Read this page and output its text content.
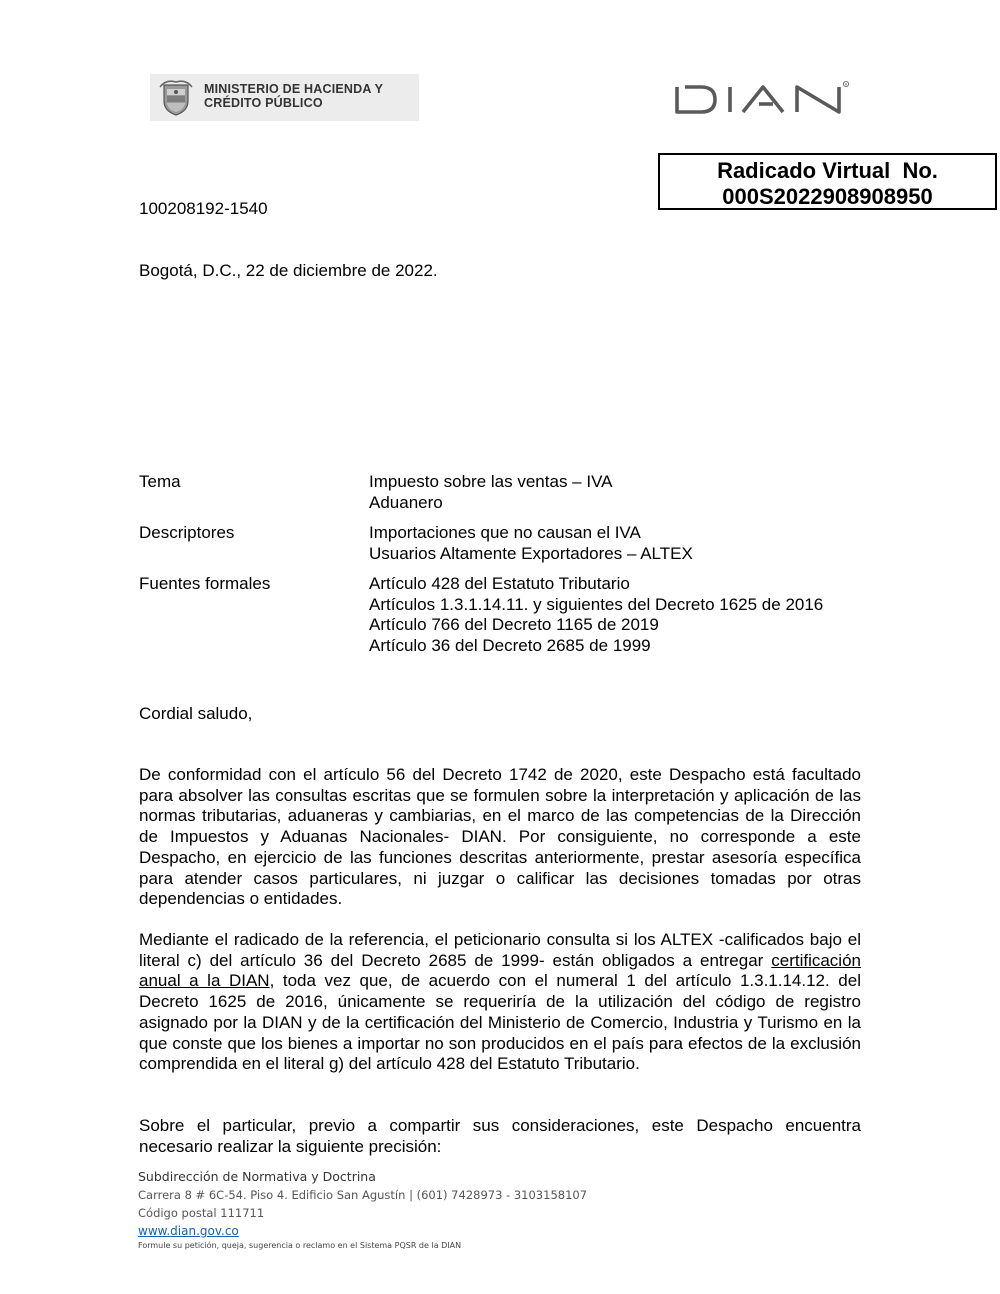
MINISTERIO DE HACIENDA Y
CRÉDITO PÚBLICO
R
Radicado Virtual  No.
000S2022908908950
100208192-1540
Bogotá, D.C., 22 de diciembre de 2022.
Tema	Impuesto sobre las ventas – IVA
Aduanero
Descriptores	Importaciones que no causan el IVA
Usuarios Altamente Exportadores – ALTEX
Fuentes formales	Artículo 428 del Estatuto Tributario
Artículos 1.3.1.14.11. y siguientes del Decreto 1625 de 2016
Artículo 766 del Decreto 1165 de 2019
Artículo 36 del Decreto 2685 de 1999
Cordial saludo,
De conformidad con el artículo 56 del Decreto 1742 de 2020, este Despacho está facultado para absolver las consultas escritas que se formulen sobre la interpretación y aplicación de las normas tributarias, aduaneras y cambiarias, en el marco de las competencias de la Dirección de Impuestos y Aduanas Nacionales- DIAN. Por consiguiente, no corresponde a este Despacho, en ejercicio de las funciones descritas anteriormente, prestar asesoría específica para atender casos particulares, ni juzgar o calificar las decisiones tomadas por otras dependencias o entidades.
Mediante el radicado de la referencia, el peticionario consulta si los ALTEX -calificados bajo el literal c) del artículo 36 del Decreto 2685 de 1999- están obligados a entregar certificación anual a la DIAN, toda vez que, de acuerdo con el numeral 1 del artículo 1.3.1.14.12. del Decreto 1625 de 2016, únicamente se requeriría de la utilización del código de registro asignado por la DIAN y de la certificación del Ministerio de Comercio, Industria y Turismo en la que conste que los bienes a importar no son producidos en el país para efectos de la exclusión comprendida en el literal g) del artículo 428 del Estatuto Tributario.
Sobre el particular, previo a compartir sus consideraciones, este Despacho encuentra necesario realizar la siguiente precisión:
Subdirección de Normativa y Doctrina
Carrera 8 # 6C-54. Piso 4. Edificio San Agustín | (601) 7428973 - 3103158107
Código postal 111711
www.dian.gov.co
Formule su petición, queja, sugerencia o reclamo en el Sistema PQSR de la DIAN
